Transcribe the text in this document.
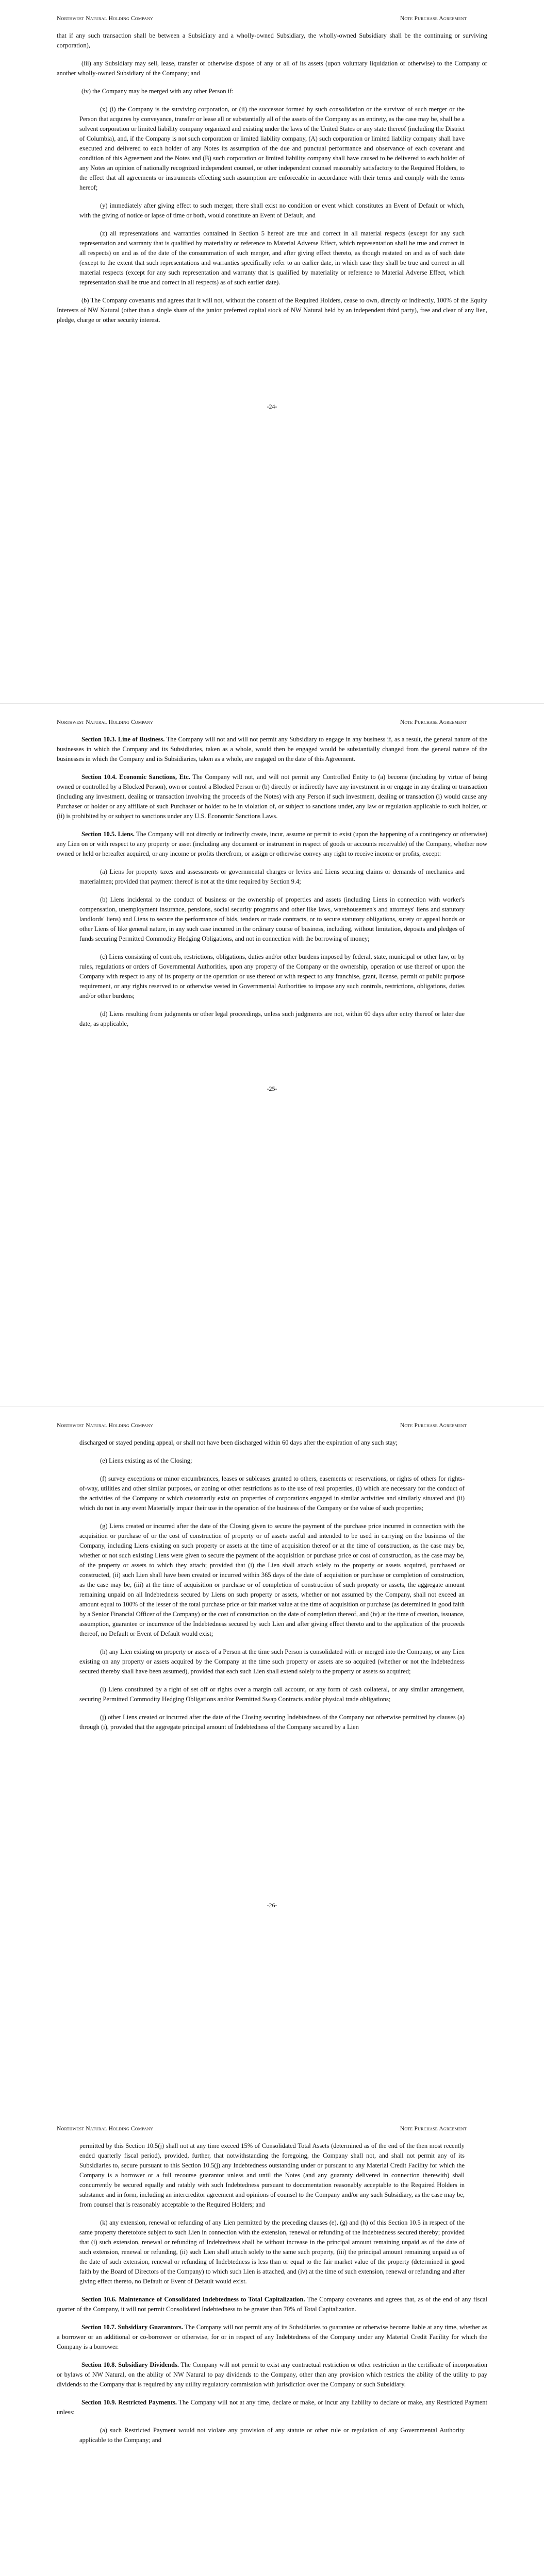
Northwest Natural Holding Company	Note Purchase Agreement

that if any such transaction shall be between a Subsidiary and a wholly-owned Subsidiary, the wholly-owned Subsidiary shall be the continuing or surviving corporation),

(iii) any Subsidiary may sell, lease, transfer or otherwise dispose of any or all of its assets (upon voluntary liquidation or otherwise) to the Company or another wholly-owned Subsidiary of the Company; and

(iv) the Company may be merged with any other Person if:

(x) (i) the Company is the surviving corporation, or (ii) the successor formed by such consolidation or the survivor of such merger or the Person that acquires by conveyance, transfer or lease all or substantially all of the assets of the Company as an entirety, as the case may be, shall be a solvent corporation or limited liability company organized and existing under the laws of the United States or any state thereof (including the District of Columbia), and, if the Company is not such corporation or limited liability company, (A) such corporation or limited liability company shall have executed and delivered to each holder of any Notes its assumption of the due and punctual performance and observance of each covenant and condition of this Agreement and the Notes and (B) such corporation or limited liability company shall have caused to be delivered to each holder of any Notes an opinion of nationally recognized independent counsel, or other independent counsel reasonably satisfactory to the Required Holders, to the effect that all agreements or instruments effecting such assumption are enforceable in accordance with their terms and comply with the terms hereof;

(y) immediately after giving effect to such merger, there shall exist no condition or event which constitutes an Event of Default or which, with the giving of notice or lapse of time or both, would constitute an Event of Default, and

(z) all representations and warranties contained in Section 5 hereof are true and correct in all material respects (except for any such representation and warranty that is qualified by materiality or reference to Material Adverse Effect, which representation shall be true and correct in all respects) on and as of the date of the consummation of such merger, and after giving effect thereto, as though restated on and as of such date (except to the extent that such representations and warranties specifically refer to an earlier date, in which case they shall be true and correct in all material respects (except for any such representation and warranty that is qualified by materiality or reference to Material Adverse Effect, which representation shall be true and correct in all respects) as of such earlier date).

(b) The Company covenants and agrees that it will not, without the consent of the Required Holders, cease to own, directly or indirectly, 100% of the Equity Interests of NW Natural (other than a single share of the junior preferred capital stock of NW Natural held by an independent third party), free and clear of any lien, pledge, charge or other security interest.

-24-
Northwest Natural Holding Company	Note Purchase Agreement

Section 10.3. Line of Business. The Company will not and will not permit any Subsidiary to engage in any business if, as a result, the general nature of the businesses in which the Company and its Subsidiaries, taken as a whole, would then be engaged would be substantially changed from the general nature of the businesses in which the Company and its Subsidiaries, taken as a whole, are engaged on the date of this Agreement.

Section 10.4. Economic Sanctions, Etc. The Company will not, and will not permit any Controlled Entity to (a) become (including by virtue of being owned or controlled by a Blocked Person), own or control a Blocked Person or (b) directly or indirectly have any investment in or engage in any dealing or transaction (including any investment, dealing or transaction involving the proceeds of the Notes) with any Person if such investment, dealing or transaction (i) would cause any Purchaser or holder or any affiliate of such Purchaser or holder to be in violation of, or subject to sanctions under, any law or regulation applicable to such holder, or (ii) is prohibited by or subject to sanctions under any U.S. Economic Sanctions Laws.

Section 10.5. Liens. The Company will not directly or indirectly create, incur, assume or permit to exist (upon the happening of a contingency or otherwise) any Lien on or with respect to any property or asset (including any document or instrument in respect of goods or accounts receivable) of the Company, whether now owned or held or hereafter acquired, or any income or profits therefrom, or assign or otherwise convey any right to receive income or profits, except:

(a) Liens for property taxes and assessments or governmental charges or levies and Liens securing claims or demands of mechanics and materialmen; provided that payment thereof is not at the time required by Section 9.4;

(b) Liens incidental to the conduct of business or the ownership of properties and assets (including Liens in connection with worker's compensation, unemployment insurance, pensions, social security programs and other like laws, warehousemen's and attorneys' liens and statutory landlords' liens) and Liens to secure the performance of bids, tenders or trade contracts, or to secure statutory obligations, surety or appeal bonds or other Liens of like general nature, in any such case incurred in the ordinary course of business, including, without limitation, deposits and pledges of funds securing Permitted Commodity Hedging Obligations, and not in connection with the borrowing of money;

(c) Liens consisting of controls, restrictions, obligations, duties and/or other burdens imposed by federal, state, municipal or other law, or by rules, regulations or orders of Governmental Authorities, upon any property of the Company or the ownership, operation or use thereof or upon the Company with respect to any of its property or the operation or use thereof or with respect to any franchise, grant, license, permit or public purpose requirement, or any rights reserved to or otherwise vested in Governmental Authorities to impose any such controls, restrictions, obligations, duties and/or other burdens;

(d) Liens resulting from judgments or other legal proceedings, unless such judgments are not, within 60 days after entry thereof or later due date, as applicable,

-25-
Northwest Natural Holding Company	Note Purchase Agreement

discharged or stayed pending appeal, or shall not have been discharged within 60 days after the expiration of any such stay;

(e) Liens existing as of the Closing;

(f) survey exceptions or minor encumbrances, leases or subleases granted to others, easements or reservations, or rights of others for rights-of-way, utilities and other similar purposes, or zoning or other restrictions as to the use of real properties, (i) which are necessary for the conduct of the activities of the Company or which customarily exist on properties of corporations engaged in similar activities and similarly situated and (ii) which do not in any event Materially impair their use in the operation of the business of the Company or the value of such properties;

(g) Liens created or incurred after the date of the Closing given to secure the payment of the purchase price incurred in connection with the acquisition or purchase of or the cost of construction of property or of assets useful and intended to be used in carrying on the business of the Company, including Liens existing on such property or assets at the time of acquisition thereof or at the time of construction, as the case may be, whether or not such existing Liens were given to secure the payment of the acquisition or purchase price or cost of construction, as the case may be, of the property or assets to which they attach; provided that (i) the Lien shall attach solely to the property or assets acquired, purchased or constructed, (ii) such Lien shall have been created or incurred within 365 days of the date of acquisition or purchase or completion of construction, as the case may be, (iii) at the time of acquisition or purchase or of completion of construction of such property or assets, the aggregate amount remaining unpaid on all Indebtedness secured by Liens on such property or assets, whether or not assumed by the Company, shall not exceed an amount equal to 100% of the lesser of the total purchase price or fair market value at the time of acquisition or purchase (as determined in good faith by a Senior Financial Officer of the Company) or the cost of construction on the date of completion thereof, and (iv) at the time of creation, issuance, assumption, guarantee or incurrence of the Indebtedness secured by such Lien and after giving effect thereto and to the application of the proceeds thereof, no Default or Event of Default would exist;

(h) any Lien existing on property or assets of a Person at the time such Person is consolidated with or merged into the Company, or any Lien existing on any property or assets acquired by the Company at the time such property or assets are so acquired (whether or not the Indebtedness secured thereby shall have been assumed), provided that each such Lien shall extend solely to the property or assets so acquired;

(i) Liens constituted by a right of set off or rights over a margin call account, or any form of cash collateral, or any similar arrangement, securing Permitted Commodity Hedging Obligations and/or Permitted Swap Contracts and/or physical trade obligations;

(j) other Liens created or incurred after the date of the Closing securing Indebtedness of the Company not otherwise permitted by clauses (a) through (i), provided that the aggregate principal amount of Indebtedness of the Company secured by a Lien

-26-
Northwest Natural Holding Company	Note Purchase Agreement

permitted by this Section 10.5(j) shall not at any time exceed 15% of Consolidated Total Assets (determined as of the end of the then most recently ended quarterly fiscal period), provided, further, that notwithstanding the foregoing, the Company shall not, and shall not permit any of its Subsidiaries to, secure pursuant to this Section 10.5(j) any Indebtedness outstanding under or pursuant to any Material Credit Facility for which the Company is a borrower or a full recourse guarantor unless and until the Notes (and any guaranty delivered in connection therewith) shall concurrently be secured equally and ratably with such Indebtedness pursuant to documentation reasonably acceptable to the Required Holders in substance and in form, including an intercreditor agreement and opinions of counsel to the Company and/or any such Subsidiary, as the case may be, from counsel that is reasonably acceptable to the Required Holders; and

(k) any extension, renewal or refunding of any Lien permitted by the preceding clauses (e), (g) and (h) of this Section 10.5 in respect of the same property theretofore subject to such Lien in connection with the extension, renewal or refunding of the Indebtedness secured thereby; provided that (i) such extension, renewal or refunding of Indebtedness shall be without increase in the principal amount remaining unpaid as of the date of such extension, renewal or refunding, (ii) such Lien shall attach solely to the same such property, (iii) the principal amount remaining unpaid as of the date of such extension, renewal or refunding of Indebtedness is less than or equal to the fair market value of the property (determined in good faith by the Board of Directors of the Company) to which such Lien is attached, and (iv) at the time of such extension, renewal or refunding and after giving effect thereto, no Default or Event of Default would exist.

Section 10.6. Maintenance of Consolidated Indebtedness to Total Capitalization. The Company covenants and agrees that, as of the end of any fiscal quarter of the Company, it will not permit Consolidated Indebtedness to be greater than 70% of Total Capitalization.

Section 10.7. Subsidiary Guarantors. The Company will not permit any of its Subsidiaries to guarantee or otherwise become liable at any time, whether as a borrower or an additional or co-borrower or otherwise, for or in respect of any Indebtedness of the Company under any Material Credit Facility for which the Company is a borrower.

Section 10.8. Subsidiary Dividends. The Company will not permit to exist any contractual restriction or other restriction in the certificate of incorporation or bylaws of NW Natural, on the ability of NW Natural to pay dividends to the Company, other than any provision which restricts the ability of the utility to pay dividends to the Company that is required by any utility regulatory commission with jurisdiction over the Company or such Subsidiary.

Section 10.9. Restricted Payments. The Company will not at any time, declare or make, or incur any liability to declare or make, any Restricted Payment unless:

(a) such Restricted Payment would not violate any provision of any statute or other rule or regulation of any Governmental Authority applicable to the Company; and
